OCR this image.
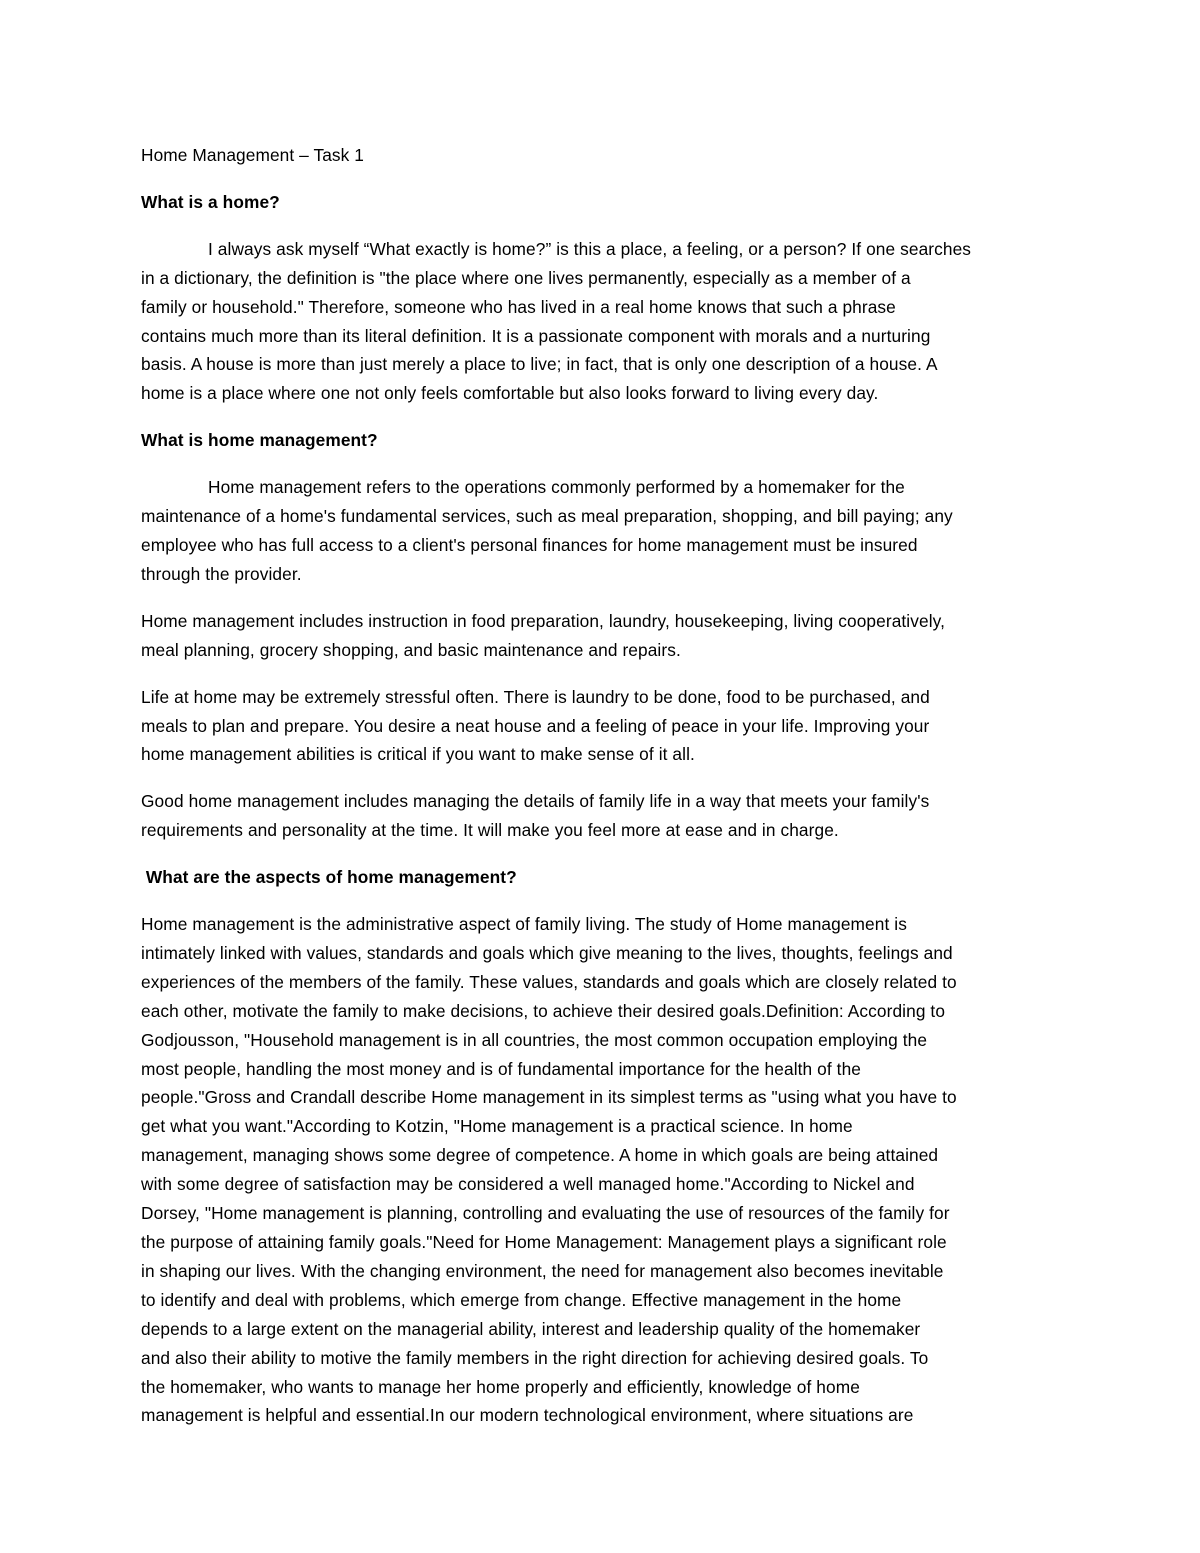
Home Management – Task 1
What is a home?
I always ask myself “What exactly is home?” is this a place, a feeling, or a person? If one searches
in a dictionary, the definition is "the place where one lives permanently, especially as a member of a
family or household." Therefore, someone who has lived in a real home knows that such a phrase
contains much more than its literal definition. It is a passionate component with morals and a nurturing
basis. A house is more than just merely a place to live; in fact, that is only one description of a house. A
home is a place where one not only feels comfortable but also looks forward to living every day.
What is home management?
Home management refers to the operations commonly performed by a homemaker for the
maintenance of a home's fundamental services, such as meal preparation, shopping, and bill paying; any
employee who has full access to a client's personal finances for home management must be insured
through the provider.
Home management includes instruction in food preparation, laundry, housekeeping, living cooperatively,
meal planning, grocery shopping, and basic maintenance and repairs.
Life at home may be extremely stressful often. There is laundry to be done, food to be purchased, and
meals to plan and prepare. You desire a neat house and a feeling of peace in your life. Improving your
home management abilities is critical if you want to make sense of it all.
Good home management includes managing the details of family life in a way that meets your family's
requirements and personality at the time. It will make you feel more at ease and in charge.
What are the aspects of home management?
Home management is the administrative aspect of family living. The study of Home management is
intimately linked with values, standards and goals which give meaning to the lives, thoughts, feelings and
experiences of the members of the family. These values, standards and goals which are closely related to
each other, motivate the family to make decisions, to achieve their desired goals.Definition: According to
Godjousson, "Household management is in all countries, the most common occupation employing the
most people, handling the most money and is of fundamental importance for the health of the
people."Gross and Crandall describe Home management in its simplest terms as "using what you have to
get what you want."According to Kotzin, "Home management is a practical science. In home
management, managing shows some degree of competence. A home in which goals are being attained
with some degree of satisfaction may be considered a well managed home."According to Nickel and
Dorsey, "Home management is planning, controlling and evaluating the use of resources of the family for
the purpose of attaining family goals."Need for Home Management: Management plays a significant role
in shaping our lives. With the changing environment, the need for management also becomes inevitable
to identify and deal with problems, which emerge from change. Effective management in the home
depends to a large extent on the managerial ability, interest and leadership quality of the homemaker
and also their ability to motive the family members in the right direction for achieving desired goals. To
the homemaker, who wants to manage her home properly and efficiently, knowledge of home
management is helpful and essential.In our modern technological environment, where situations are
